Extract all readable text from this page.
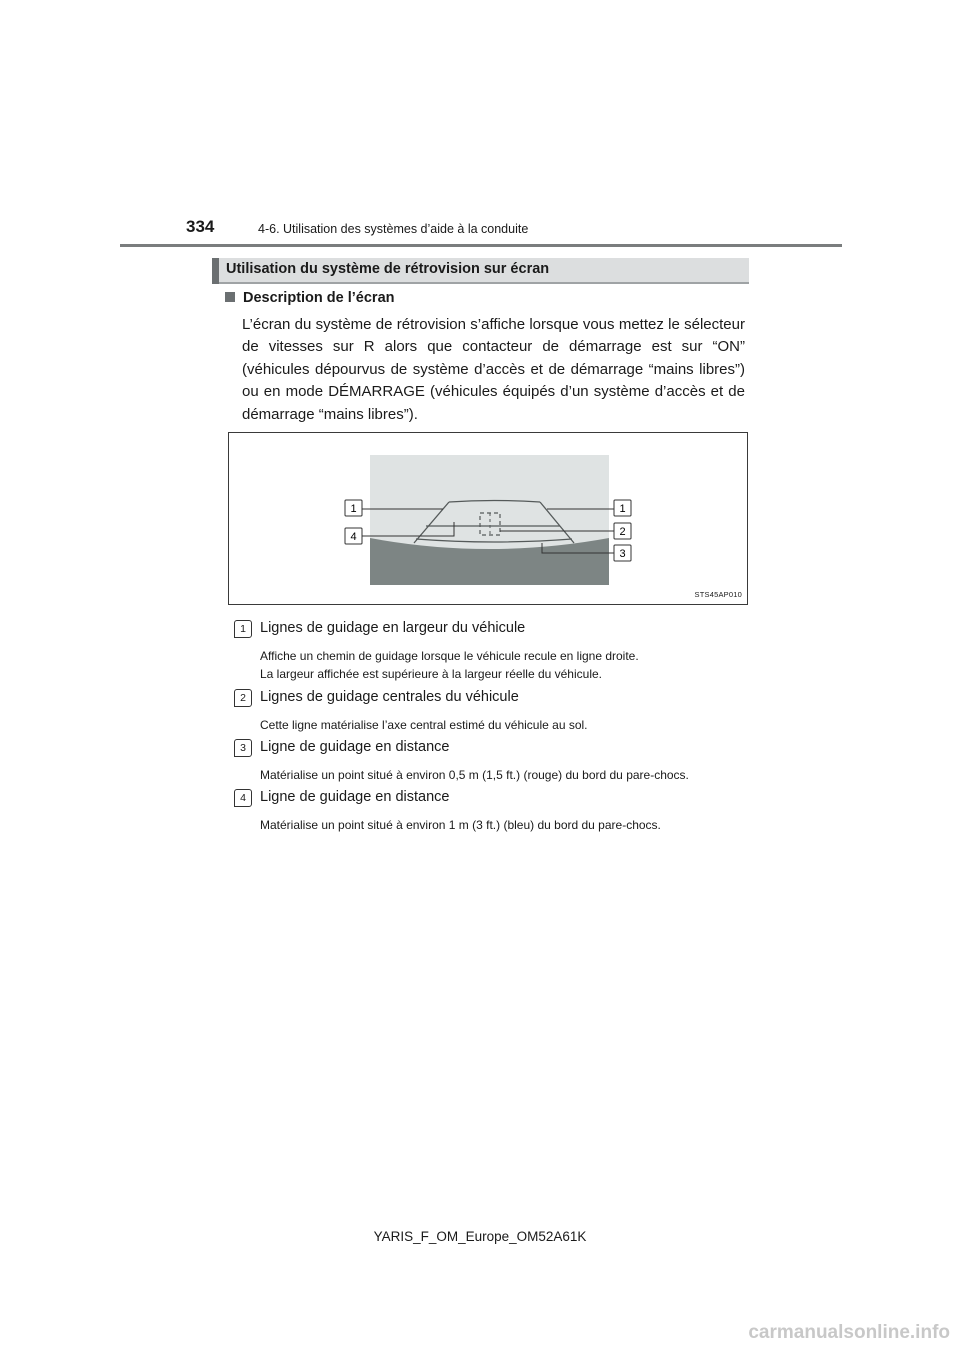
334	4-6. Utilisation des systèmes d’aide à la conduite
Utilisation du système de rétrovision sur écran
Description de l’écran
L’écran du système de rétrovision s’affiche lorsque vous mettez le sélecteur de vitesses sur R alors que contacteur de démarrage est sur “ON” (véhicules dépourvus de système d’accès et de démarrage “mains libres”) ou en mode DÉMARRAGE (véhicules équipés d’un système d’accès et de démarrage “mains libres”).
1	1
4	2
3
STS45AP010
1 Lignes de guidage en largeur du véhicule
Affiche un chemin de guidage lorsque le véhicule recule en ligne droite.
La largeur affichée est supérieure à la largeur réelle du véhicule.
2 Lignes de guidage centrales du véhicule
Cette ligne matérialise l’axe central estimé du véhicule au sol.
3 Ligne de guidage en distance
Matérialise un point situé à environ 0,5 m (1,5 ft.) (rouge) du bord du pare-chocs.
4 Ligne de guidage en distance
Matérialise un point situé à environ 1 m (3 ft.) (bleu) du bord du pare-chocs.
YARIS_F_OM_Europe_OM52A61K
carmanualsonline.info
